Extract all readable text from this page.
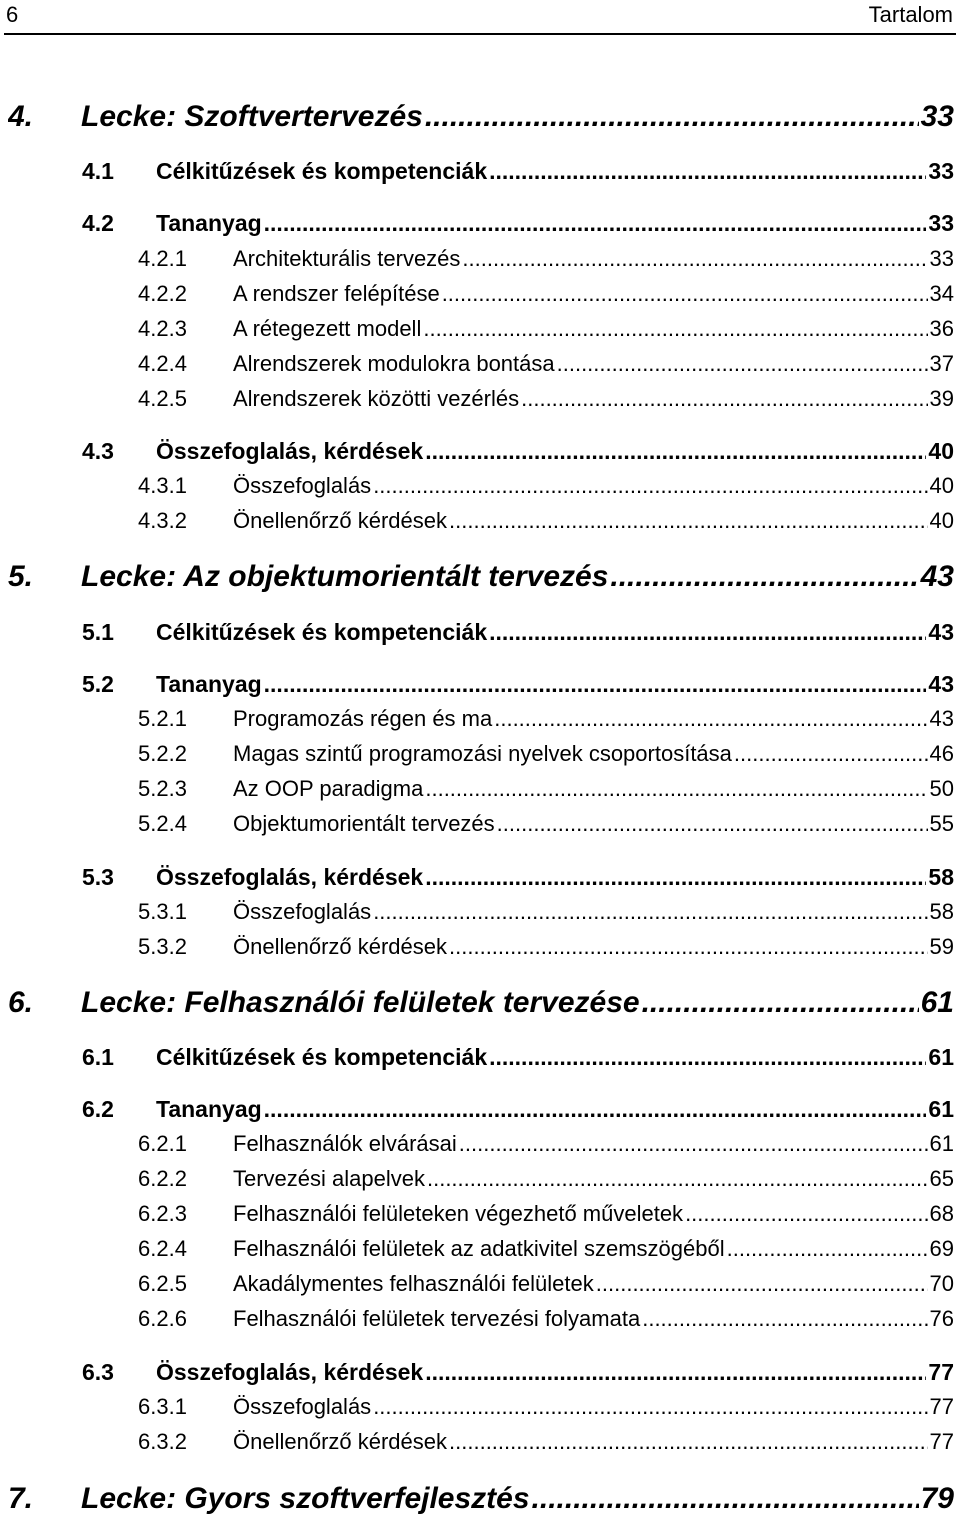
6	Tartalom
4.	Lecke: Szoftvertervezés .....	33
4.1	Célkitűzések és kompetenciák .....	33
4.2	Tananyag .....	33
4.2.1	Architekturális tervezés .....	33
4.2.2	A rendszer felépítése .....	34
4.2.3	A rétegezett modell .....	36
4.2.4	Alrendszerek modulokra bontása .....	37
4.2.5	Alrendszerek közötti vezérlés .....	39
4.3	Összefoglalás, kérdések .....	40
4.3.1	Összefoglalás .....	40
4.3.2	Önellenőrző kérdések .....	40
5.	Lecke: Az objektumorientált tervezés .....	43
5.1	Célkitűzések és kompetenciák .....	43
5.2	Tananyag .....	43
5.2.1	Programozás régen és ma .....	43
5.2.2	Magas szintű programozási nyelvek csoportosítása .....	46
5.2.3	Az OOP paradigma .....	50
5.2.4	Objektumorientált tervezés .....	55
5.3	Összefoglalás, kérdések .....	58
5.3.1	Összefoglalás .....	58
5.3.2	Önellenőrző kérdések .....	59
6.	Lecke: Felhasználói felületek tervezése .....	61
6.1	Célkitűzések és kompetenciák .....	61
6.2	Tananyag .....	61
6.2.1	Felhasználók elvárásai .....	61
6.2.2	Tervezési alapelvek .....	65
6.2.3	Felhasználói felületeken végezhető műveletek .....	68
6.2.4	Felhasználói felületek az adatkivitel szemszögéből .....	69
6.2.5	Akadálymentes felhasználói felületek .....	70
6.2.6	Felhasználói felületek tervezési folyamata .....	76
6.3	Összefoglalás, kérdések .....	77
6.3.1	Összefoglalás .....	77
6.3.2	Önellenőrző kérdések .....	77
7.	Lecke: Gyors szoftverfejlesztés .....	79
